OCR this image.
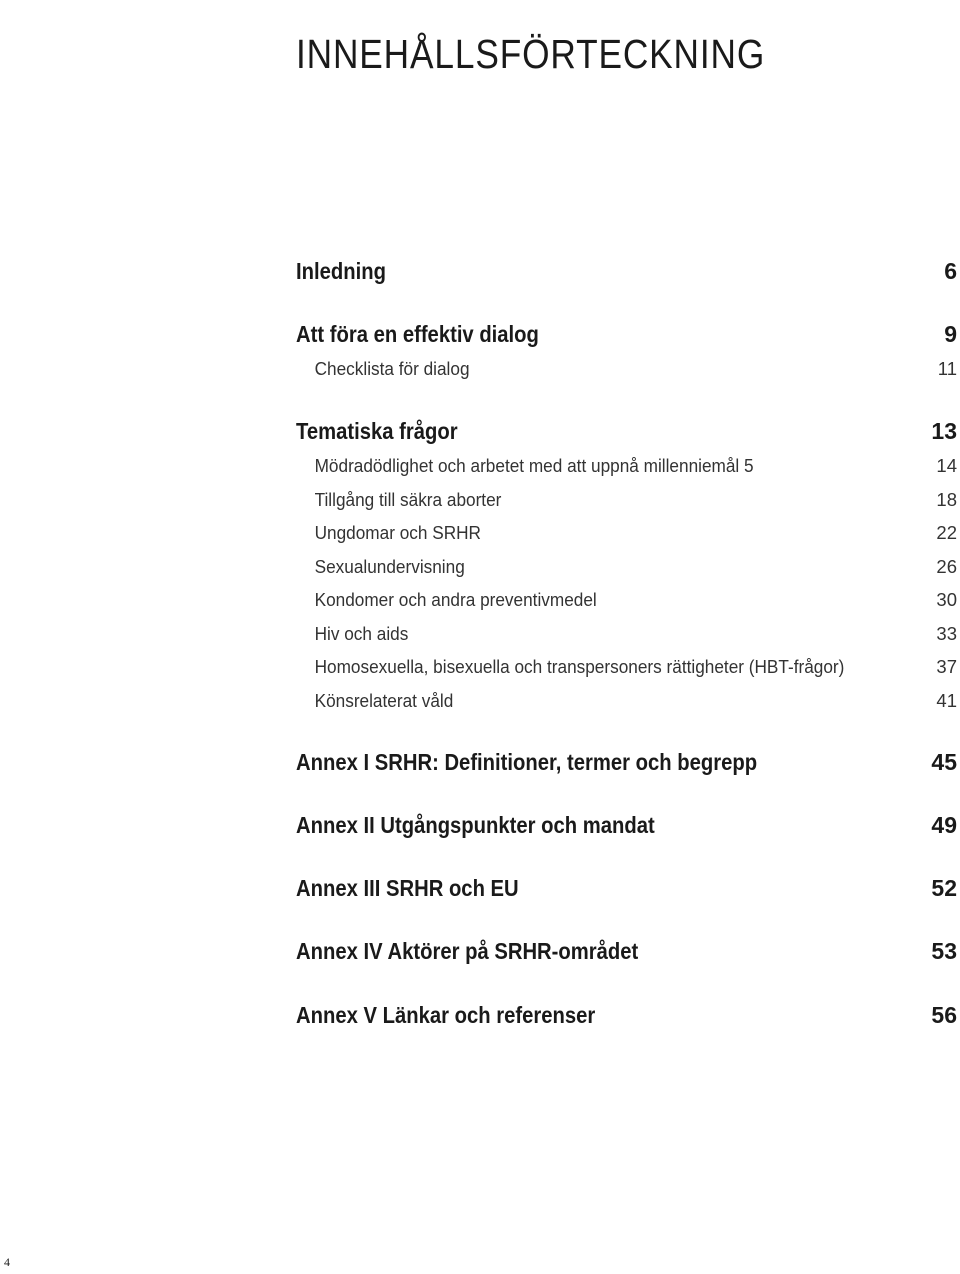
INNEHÅLLSFÖRTECKNING
Inledning	6
Att föra en effektiv dialog	9
Checklista för dialog	11
Tematiska frågor	13
Mödradödlighet och arbetet med att uppnå millenniemål 5	14
Tillgång till säkra aborter	18
Ungdomar och SRHR	22
Sexualundervisning	26
Kondomer och andra preventivmedel	30
Hiv och aids	33
Homosexuella, bisexuella och transpersoners rättigheter (HBT-frågor)	37
Könsrelaterat våld	41
Annex I SRHR: Definitioner, termer och begrepp	45
Annex II Utgångspunkter och mandat	49
Annex III SRHR och EU	52
Annex IV Aktörer på SRHR-området	53
Annex V Länkar och referenser	56
4
